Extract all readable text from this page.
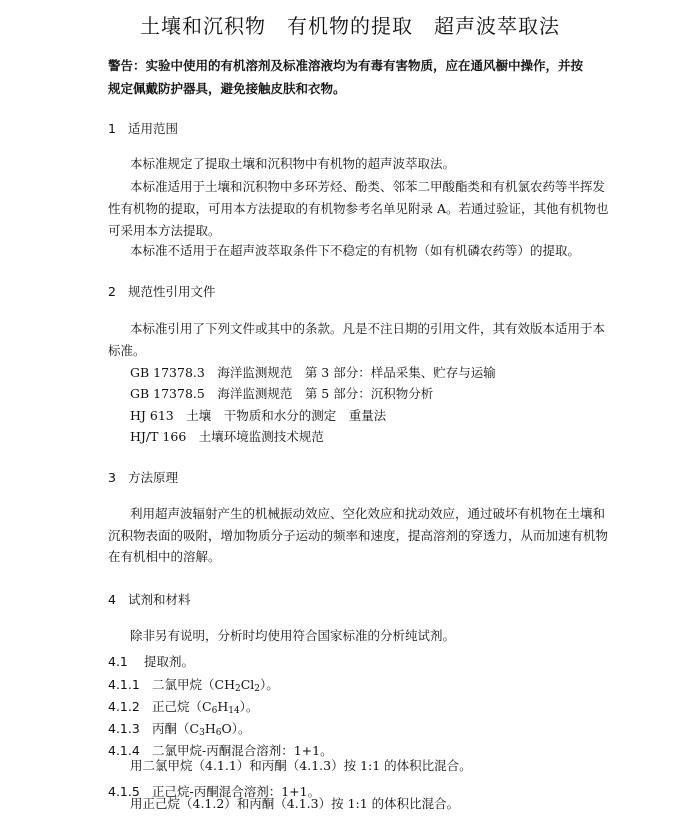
土壤和沉积物　有机物的提取　超声波萃取法
警告：实验中使用的有机溶剂及标准溶液均为有毒有害物质，应在通风橱中操作，并按
规定佩戴防护器具，避免接触皮肤和衣物。
1 适用范围
本标准规定了提取土壤和沉积物中有机物的超声波萃取法。
本标准适用于土壤和沉积物中多环芳烃、酚类、邻苯二甲酸酯类和有机氯农药等半挥发
性有机物的提取，可用本方法提取的有机物参考名单见附录 A。若通过验证，其他有机物也
可采用本方法提取。
本标准不适用于在超声波萃取条件下不稳定的有机物（如有机磷农药等）的提取。
2 规范性引用文件
本标准引用了下列文件或其中的条款。凡是不注日期的引用文件，其有效版本适用于本
标准。
GB 17378.3　海洋监测规范　第 3 部分：样品采集、贮存与运输
GB 17378.5　海洋监测规范　第 5 部分：沉积物分析
HJ 613　土壤　干物质和水分的测定　重量法
HJ/T 166　土壤环境监测技术规范
3 方法原理
利用超声波辐射产生的机械振动效应、空化效应和扰动效应，通过破坏有机物在土壤和
沉积物表面的吸附，增加物质分子运动的频率和速度，提高溶剂的穿透力，从而加速有机物
在有机相中的溶解。
4 试剂和材料
除非另有说明，分析时均使用符合国家标准的分析纯试剂。
4.1 提取剂。
4.1.1 二氯甲烷$(CH_2Cl_2)$。
4.1.2 正己烷$(C_6H_{14})$。
4.1.3 丙酮$(C_3H_6O)$。
4.1.4 二氯甲烷-丙酮混合溶剂：1+1。
用二氯甲烷（4.1.1）和丙酮（4.1.3）按 1:1 的体积比混合。
4.1.5 正己烷-丙酮混合溶剂：1+1。
用正己烷（4.1.2）和丙酮（4.1.3）按 1:1 的体积比混合。
